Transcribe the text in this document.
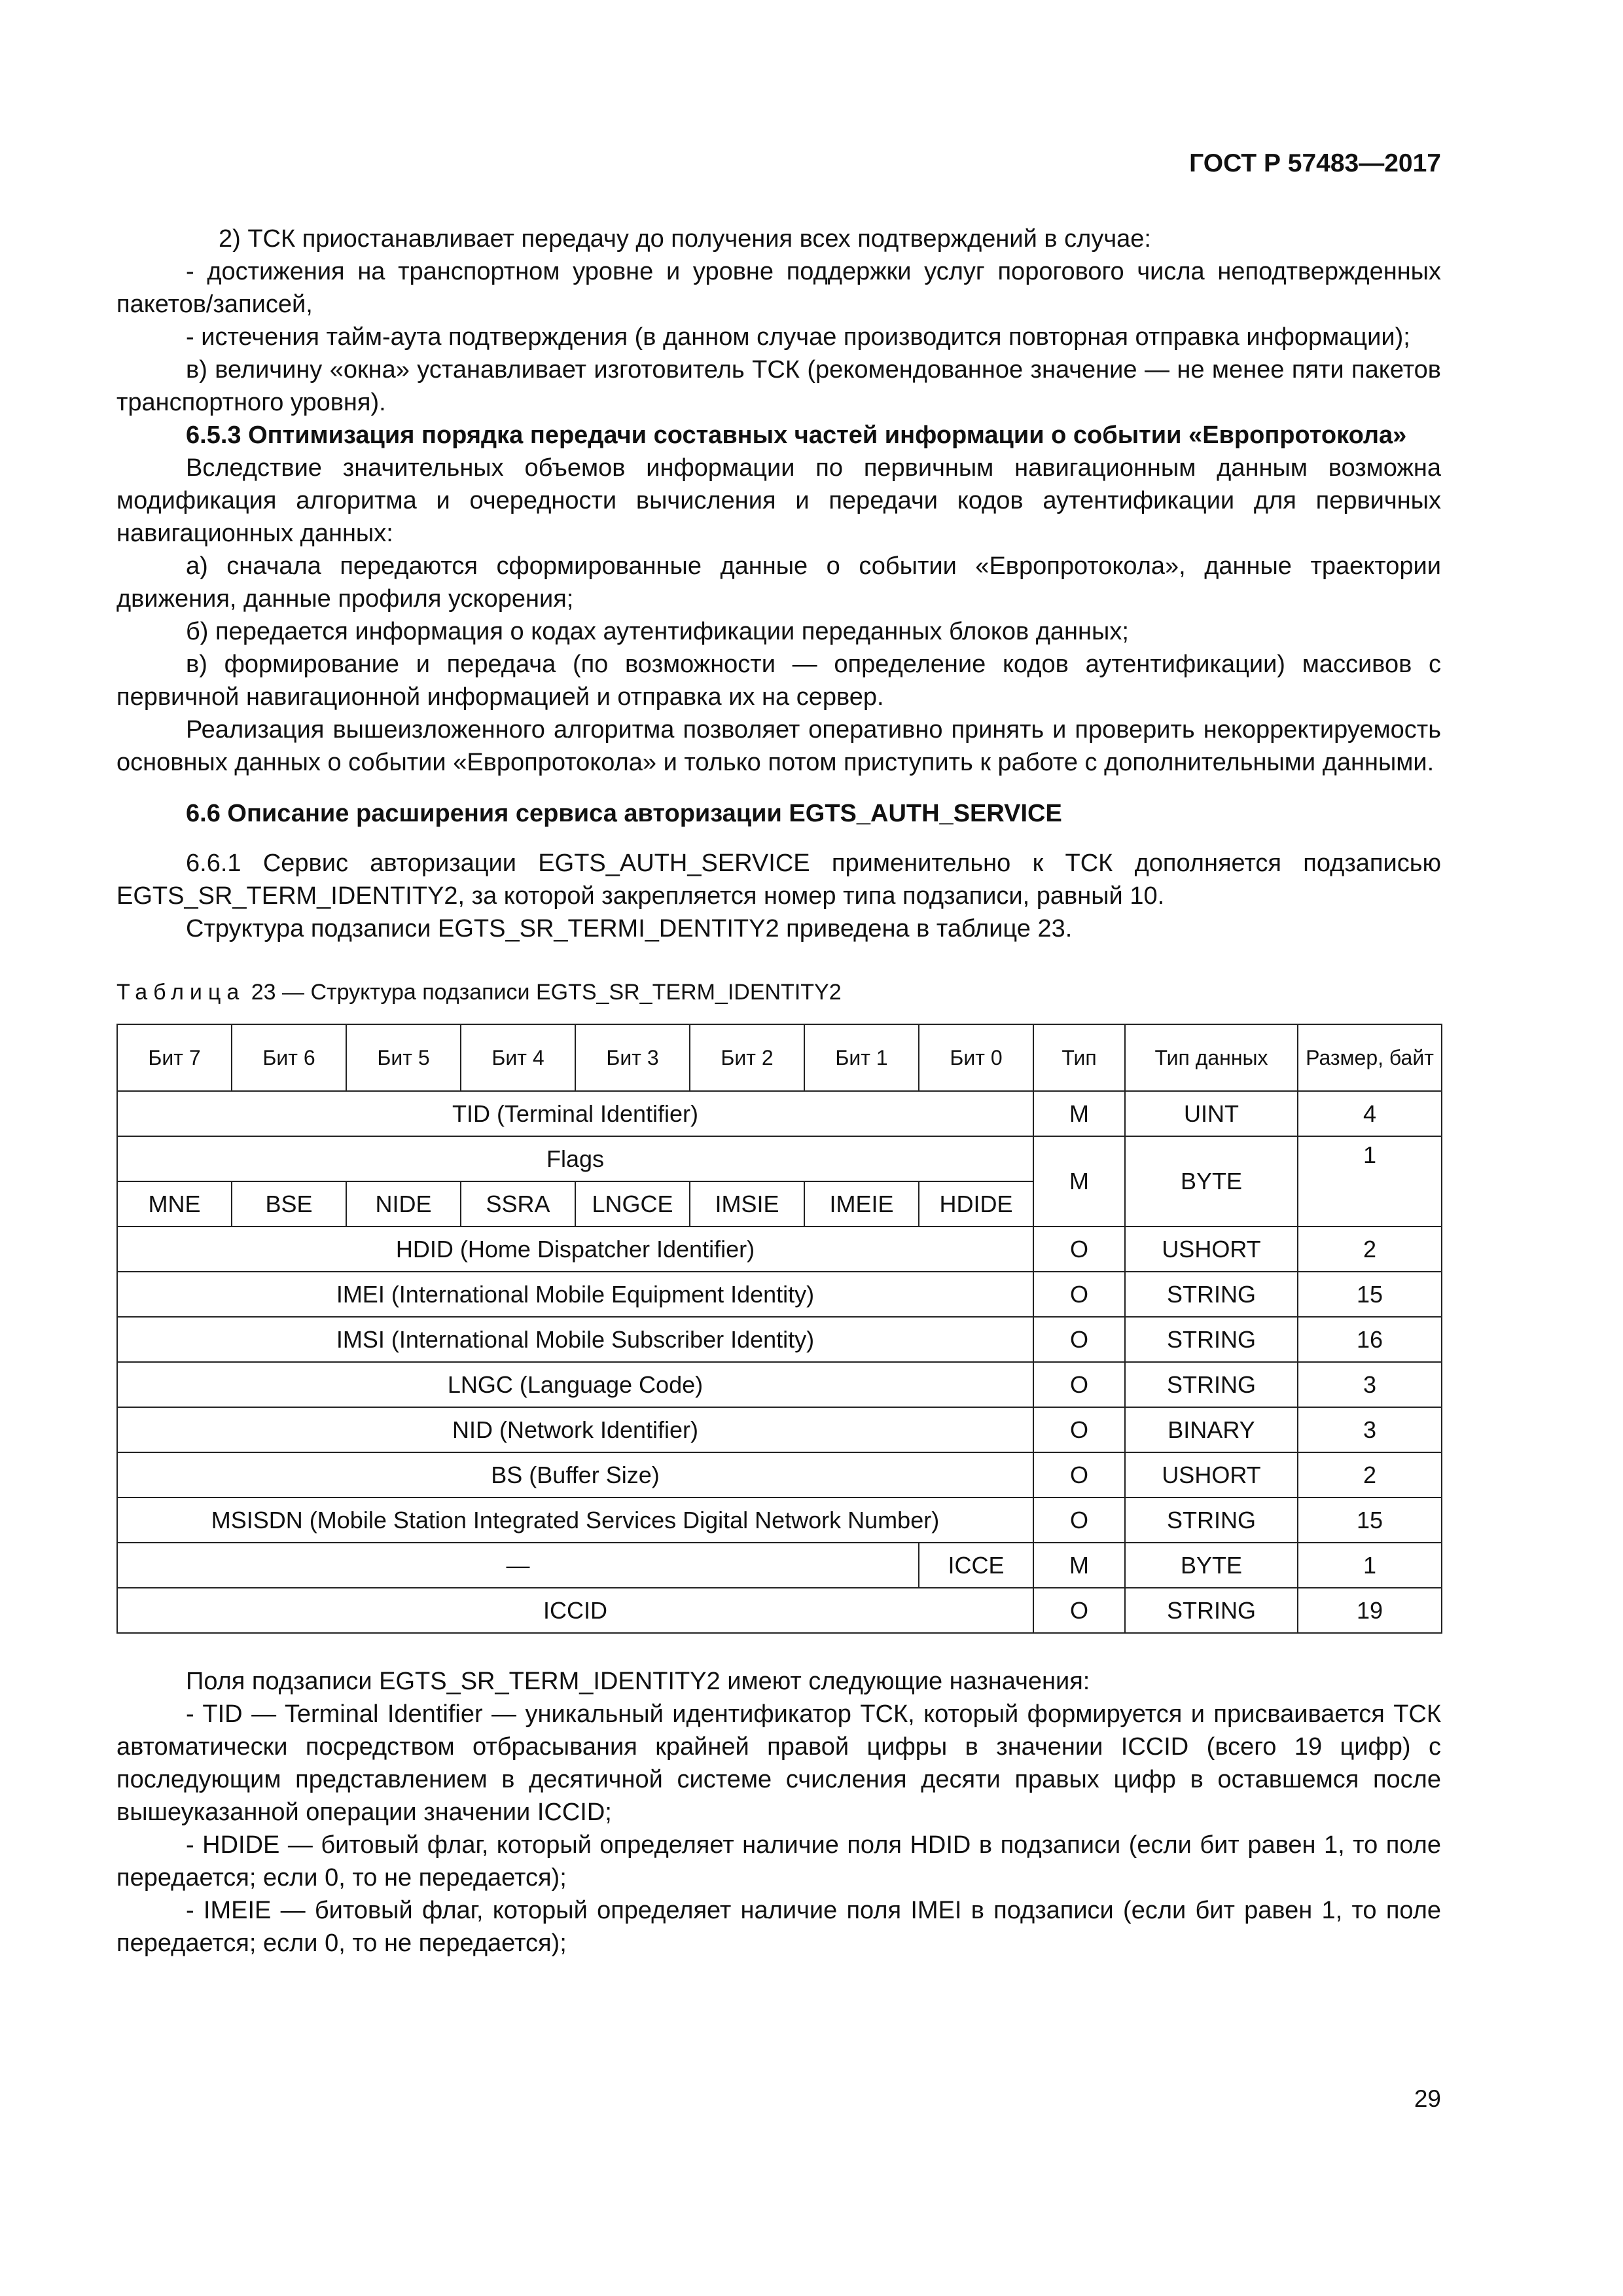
ГОСТ Р 57483—2017

2) ТСК приостанавливает передачу до получения всех подтверждений в случае:

- достижения на транспортном уровне и уровне поддержки услуг порогового числа неподтвержденных пакетов/записей,

- истечения тайм-аута подтверждения (в данном случае производится повторная отправка информации);

в) величину «окна» устанавливает изготовитель ТСК (рекомендованное значение — не менее пяти пакетов транспортного уровня).

6.5.3 Оптимизация порядка передачи составных частей информации о событии «Европротокола»

Вследствие значительных объемов информации по первичным навигационным данным возможна модификация алгоритма и очередности вычисления и передачи кодов аутентификации для первичных навигационных данных:

а) сначала передаются сформированные данные о событии «Европротокола», данные траектории движения, данные профиля ускорения;

б) передается информация о кодах аутентификации переданных блоков данных;

в) формирование и передача (по возможности — определение кодов аутентификации) массивов с первичной навигационной информацией и отправка их на сервер.

Реализация вышеизложенного алгоритма позволяет оперативно принять и проверить некорректируемость основных данных о событии «Европротокола» и только потом приступить к работе с дополнительными данными.

6.6 Описание расширения сервиса авторизации EGTS_AUTH_SERVICE

6.6.1 Сервис авторизации EGTS_AUTH_SERVICE применительно к ТСК дополняется подзаписью EGTS_SR_TERM_IDENTITY2, за которой закрепляется номер типа подзаписи, равный 10.

Структура подзаписи EGTS_SR_TERMI_DENTITY2 приведена в таблице 23.

Таблица 23 — Структура подзаписи EGTS_SR_TERM_IDENTITY2

Бит 7	Бит 6	Бит 5	Бит 4	Бит 3	Бит 2	Бит 1	Бит 0	Тип	Тип данных	Размер, байт
TID (Terminal Identifier)								M	UINT	4
Flags								M	BYTE	1
MNE	BSE	NIDE	SSRA	LNGCE	IMSIE	IMEIE	HDIDE			
HDID (Home Dispatcher Identifier)								O	USHORT	2
IMEI (International Mobile Equipment Identity)								O	STRING	15
IMSI (International Mobile Subscriber Identity)								O	STRING	16
LNGC (Language Code)								O	STRING	3
NID (Network Identifier)								O	BINARY	3
BS (Buffer Size)								O	USHORT	2
MSISDN (Mobile Station Integrated Services Digital Network Number)								O	STRING	15
—							ICCE	M	BYTE	1
ICCID								O	STRING	19

Поля подзаписи EGTS_SR_TERM_IDENTITY2 имеют следующие назначения:

- TID — Terminal Identifier — уникальный идентификатор ТСК, который формируется и присваивается ТСК автоматически посредством отбрасывания крайней правой цифры в значении ICCID (всего 19 цифр) с последующим представлением в десятичной системе счисления десяти правых цифр в оставшемся после вышеуказанной операции значении ICCID;

- HDIDE — битовый флаг, который определяет наличие поля HDID в подзаписи (если бит равен 1, то поле передается; если 0, то не передается);

- IMEIE — битовый флаг, который определяет наличие поля IMEI в подзаписи (если бит равен 1, то поле передается; если 0, то не передается);

29
